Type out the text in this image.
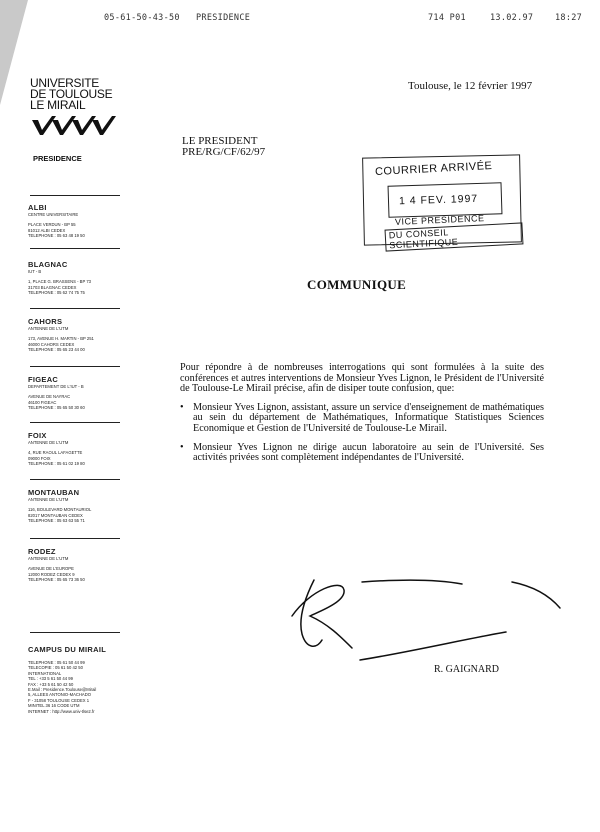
05-61-50-43-50 PRESIDENCE	714 P01	13.02.97	18:27
UNIVERSITE
DE TOULOUSE
LE MIRAIL
PRESIDENCE
ALBI
CENTRE UNIVERSITAIRE
PLACE VERDUN - BP 55
81012 ALBI CEDEX
TELEPHONE : 05 63 48 19 50
BLAGNAC
IUT - B
1, PLACE G. BRASSENS - BP 73
31703 BLAGNAC CEDEX
TELEPHONE : 05 62 74 75 75
CAHORS
ANTENNE DE L'UTM
173, AVENUE H. MARTIN - BP 251
46000 CAHORS CEDEX
TELEPHONE : 05 65 23 44 00
FIGEAC
DEPARTEMENT DE L'IUT - B
AVENUE DE NAYRAC
46100 FIGEAC
TELEPHONE : 05 65 50 30 60
FOIX
ANTENNE DE L'UTM
4, RUE RAOUL LAFAGETTE
09000 FOIX
TELEPHONE : 05 61 02 19 80
MONTAUBAN
ANTENNE DE L'UTM
116, BOULEVARD MONTAURIOL
82017 MONTAUBAN CEDEX
TELEPHONE : 05 63 63 55 71
RODEZ
ANTENNE DE L'UTM
AVENUE DE L'EUROPE
12000 RODEZ CEDEX 9
TELEPHONE : 05 65 73 36 50
CAMPUS DU MIRAIL
TELEPHONE : 05 61 50 44 99
TELECOPIE : 05 61 50 42 50
INTERNATIONAL
TEL : +33 5 61 50 44 99
FAX : +33 5 61 50 42 50
E.Mail : Presidence.Toulouse@Mirail
5, ALLEES ANTONIO-MACHADO
F - 31058 TOULOUSE CEDEX 1
MINITEL 36 16 CODE UTM
INTERNET : http://www.univ-tlse2.fr
Toulouse, le 12 février 1997
LE PRESIDENT
PRE/RG/CF/62/97
COURRIER ARRIVÉE
1 4 FEV. 1997
VICE PRESIDENCE
DU CONSEIL SCIENTIFIQUE
COMMUNIQUE

Pour répondre à de nombreuses interrogations qui sont formulées à la suite des conférences et autres interventions de Monsieur Yves Lignon, le Président de l'Université de Toulouse-Le Mirail précise, afin de disiper toute confusion, que:

• Monsieur Yves Lignon, assistant, assure un service d'enseignement de mathématiques au sein du département de Mathématiques, Informatique Statistiques Sciences Economique et Gestion de l'Université de Toulouse-Le Mirail.
• Monsieur Yves Lignon ne dirige aucun laboratoire au sein de l'Université. Ses activités privées sont complètement indépendantes de l'Université.
R. GAIGNARD
